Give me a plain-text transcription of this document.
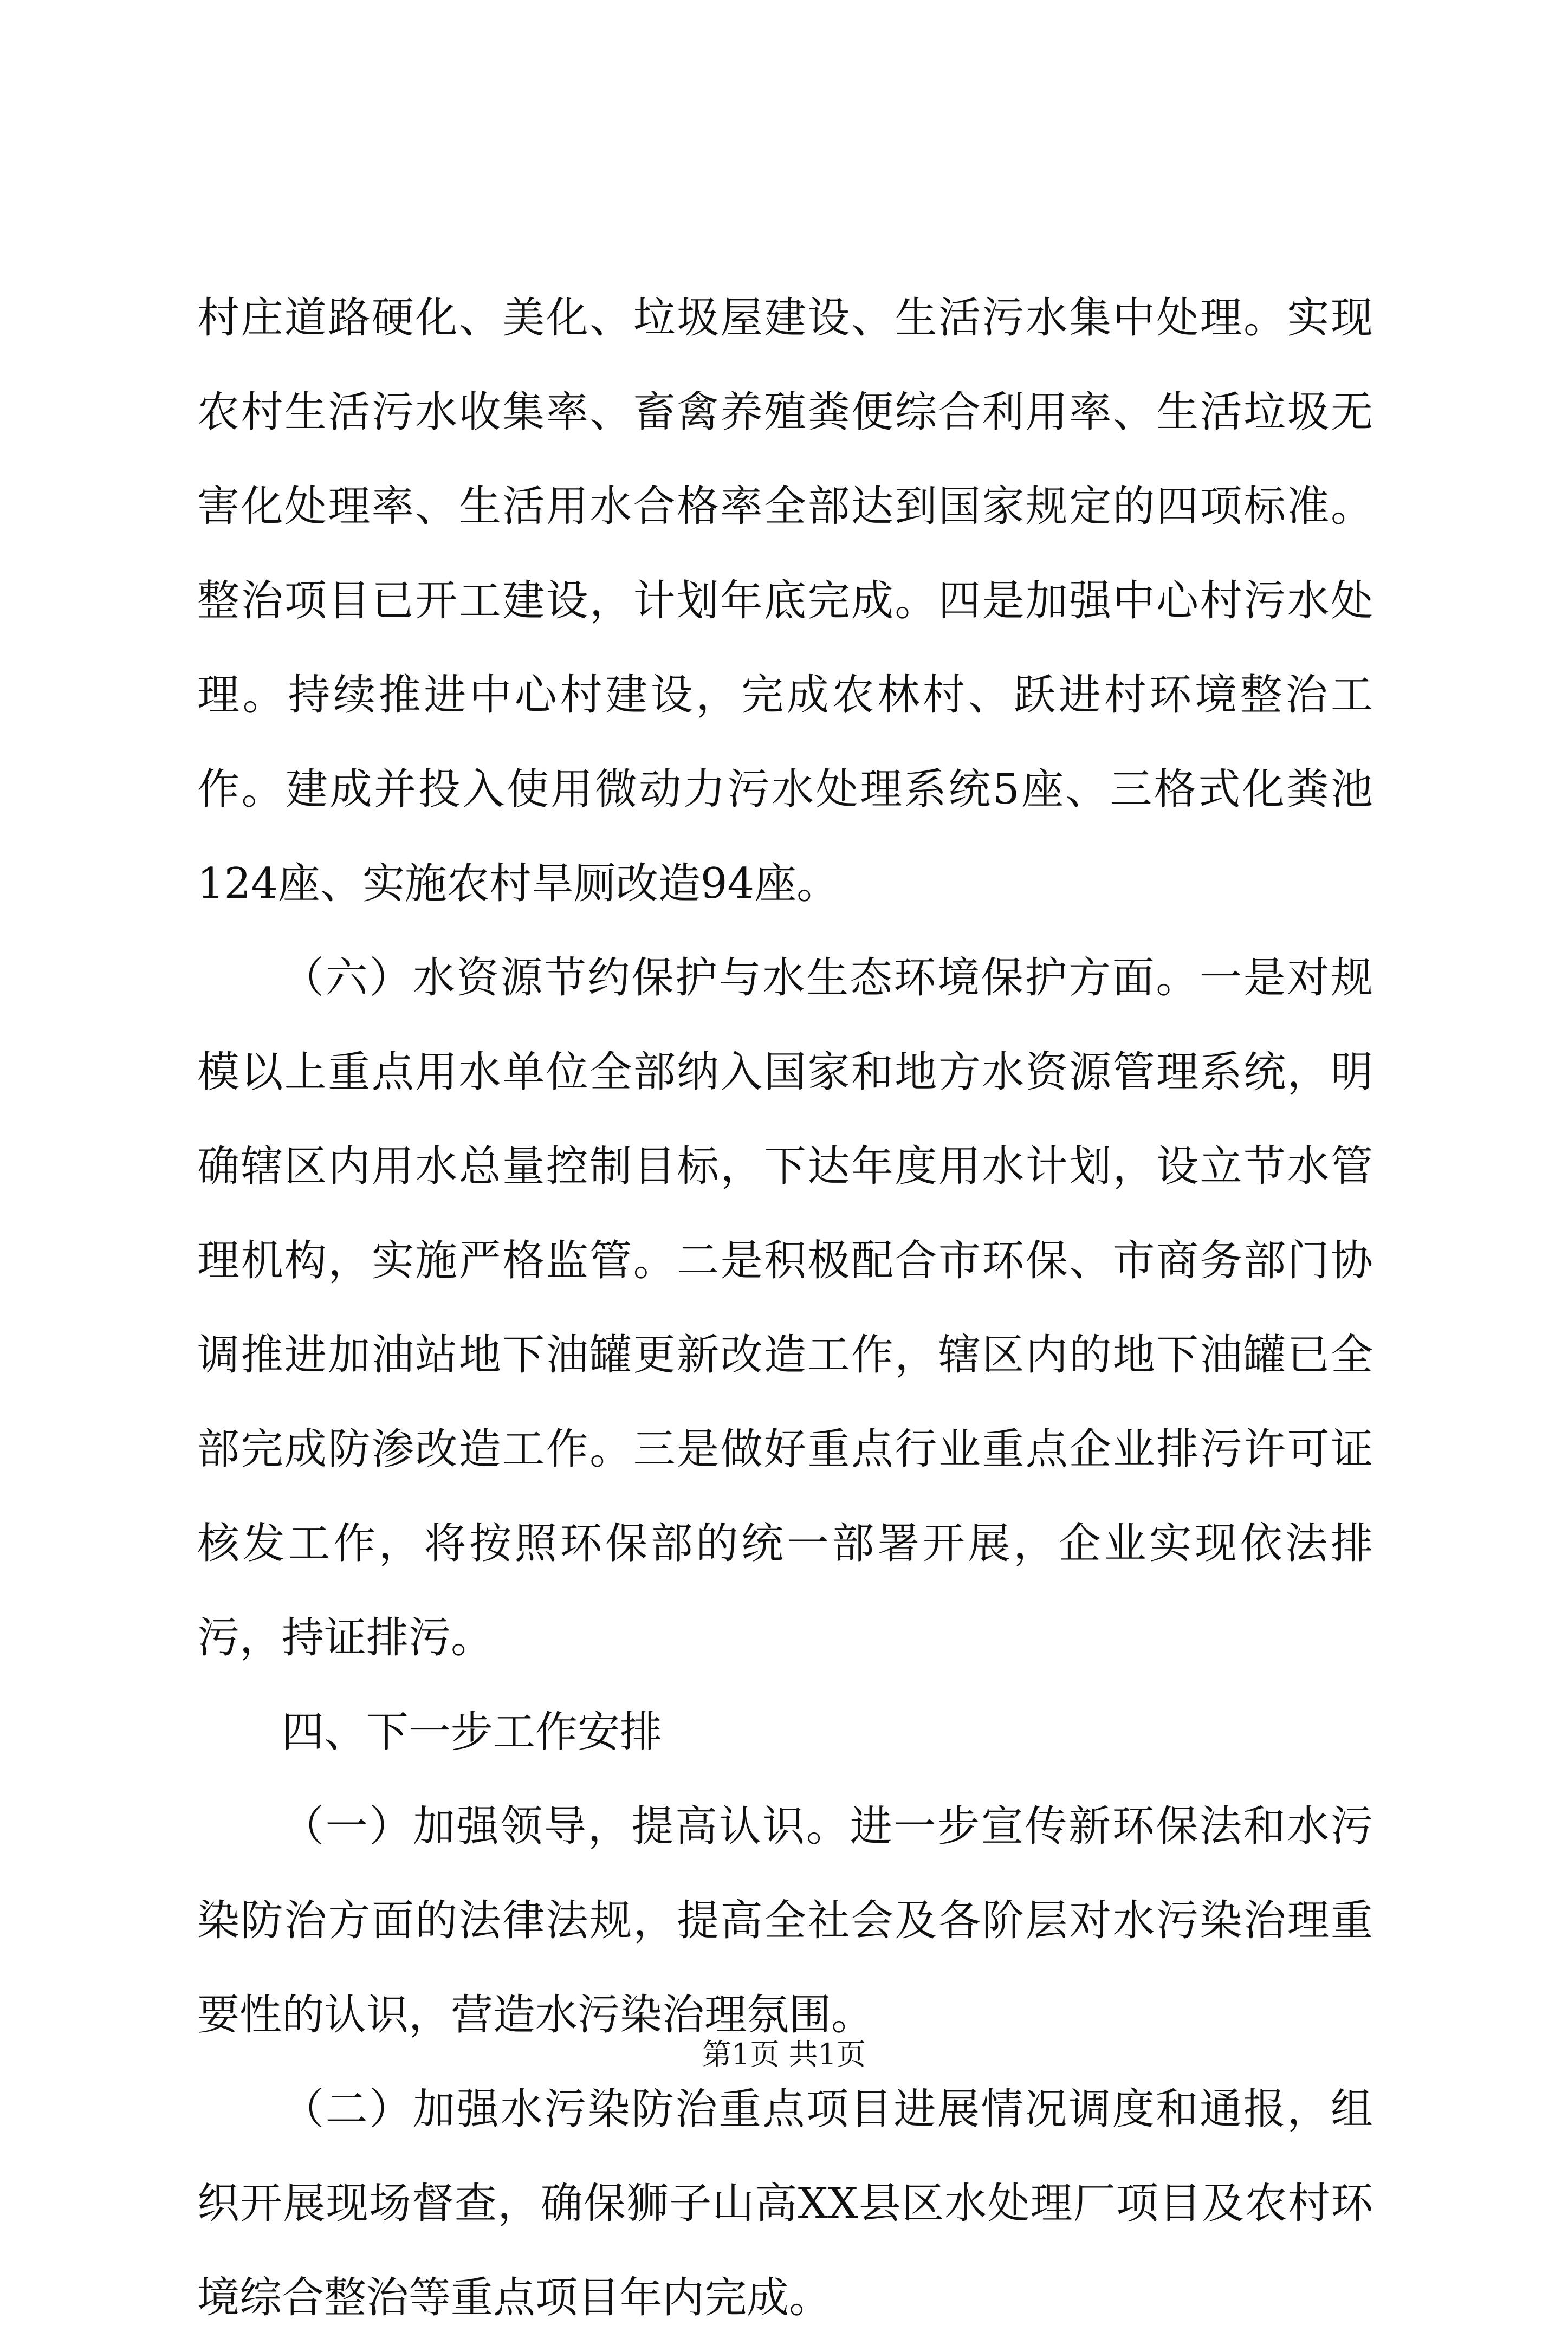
村庄道路硬化、美化、垃圾屋建设、生活污水集中处理。实现农村生活污水收集率、畜禽养殖粪便综合利用率、生活垃圾无害化处理率、生活用水合格率全部达到国家规定的四项标准。整治项目已开工建设，计划年底完成。四是加强中心村污水处理。持续推进中心村建设，完成农林村、跃进村环境整治工作。建成并投入使用微动力污水处理系统5座、三格式化粪池124座、实施农村旱厕改造94座。

（六）水资源节约保护与水生态环境保护方面。一是对规模以上重点用水单位全部纳入国家和地方水资源管理系统，明确辖区内用水总量控制目标，下达年度用水计划，设立节水管理机构，实施严格监管。二是积极配合市环保、市商务部门协调推进加油站地下油罐更新改造工作，辖区内的地下油罐已全部完成防渗改造工作。三是做好重点行业重点企业排污许可证核发工作，将按照环保部的统一部署开展，企业实现依法排污，持证排污。

四、下一步工作安排

（一）加强领导，提高认识。进一步宣传新环保法和水污染防治方面的法律法规，提高全社会及各阶层对水污染治理重要性的认识，营造水污染治理氛围。

（二）加强水污染防治重点项目进展情况调度和通报，组织开展现场督查，确保狮子山高XX县区水处理厂项目及农村环境综合整治等重点项目年内完成。

第1页 共1页
